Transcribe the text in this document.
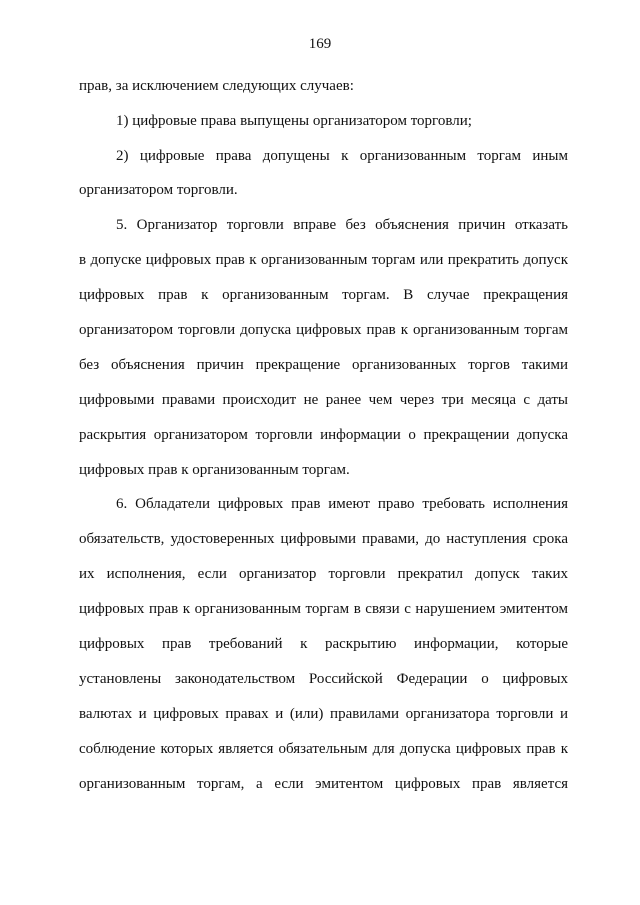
169
прав, за исключением следующих случаев:
1) цифровые права выпущены организатором торговли;
2) цифровые права допущены к организованным торгам иным
организатором торговли.
5. Организатор торговли вправе без объяснения причин отказать
в допуске цифровых прав к организованным торгам или прекратить допуск
цифровых прав к организованным торгам. В случае прекращения
организатором торговли допуска цифровых прав к организованным торгам
без объяснения причин прекращение организованных торгов такими
цифровыми правами происходит не ранее чем через три месяца с даты
раскрытия организатором торговли информации о прекращении допуска
цифровых прав к организованным торгам.
6. Обладатели цифровых прав имеют право требовать исполнения
обязательств, удостоверенных цифровыми правами, до наступления срока
их исполнения, если организатор торговли прекратил допуск таких
цифровых прав к организованным торгам в связи с нарушением эмитентом
цифровых прав требований к раскрытию информации, которые
установлены законодательством Российской Федерации о цифровых
валютах и цифровых правах и (или) правилами организатора торговли и
соблюдение которых является обязательным для допуска цифровых прав к
организованным торгам, а если эмитентом цифровых прав является
